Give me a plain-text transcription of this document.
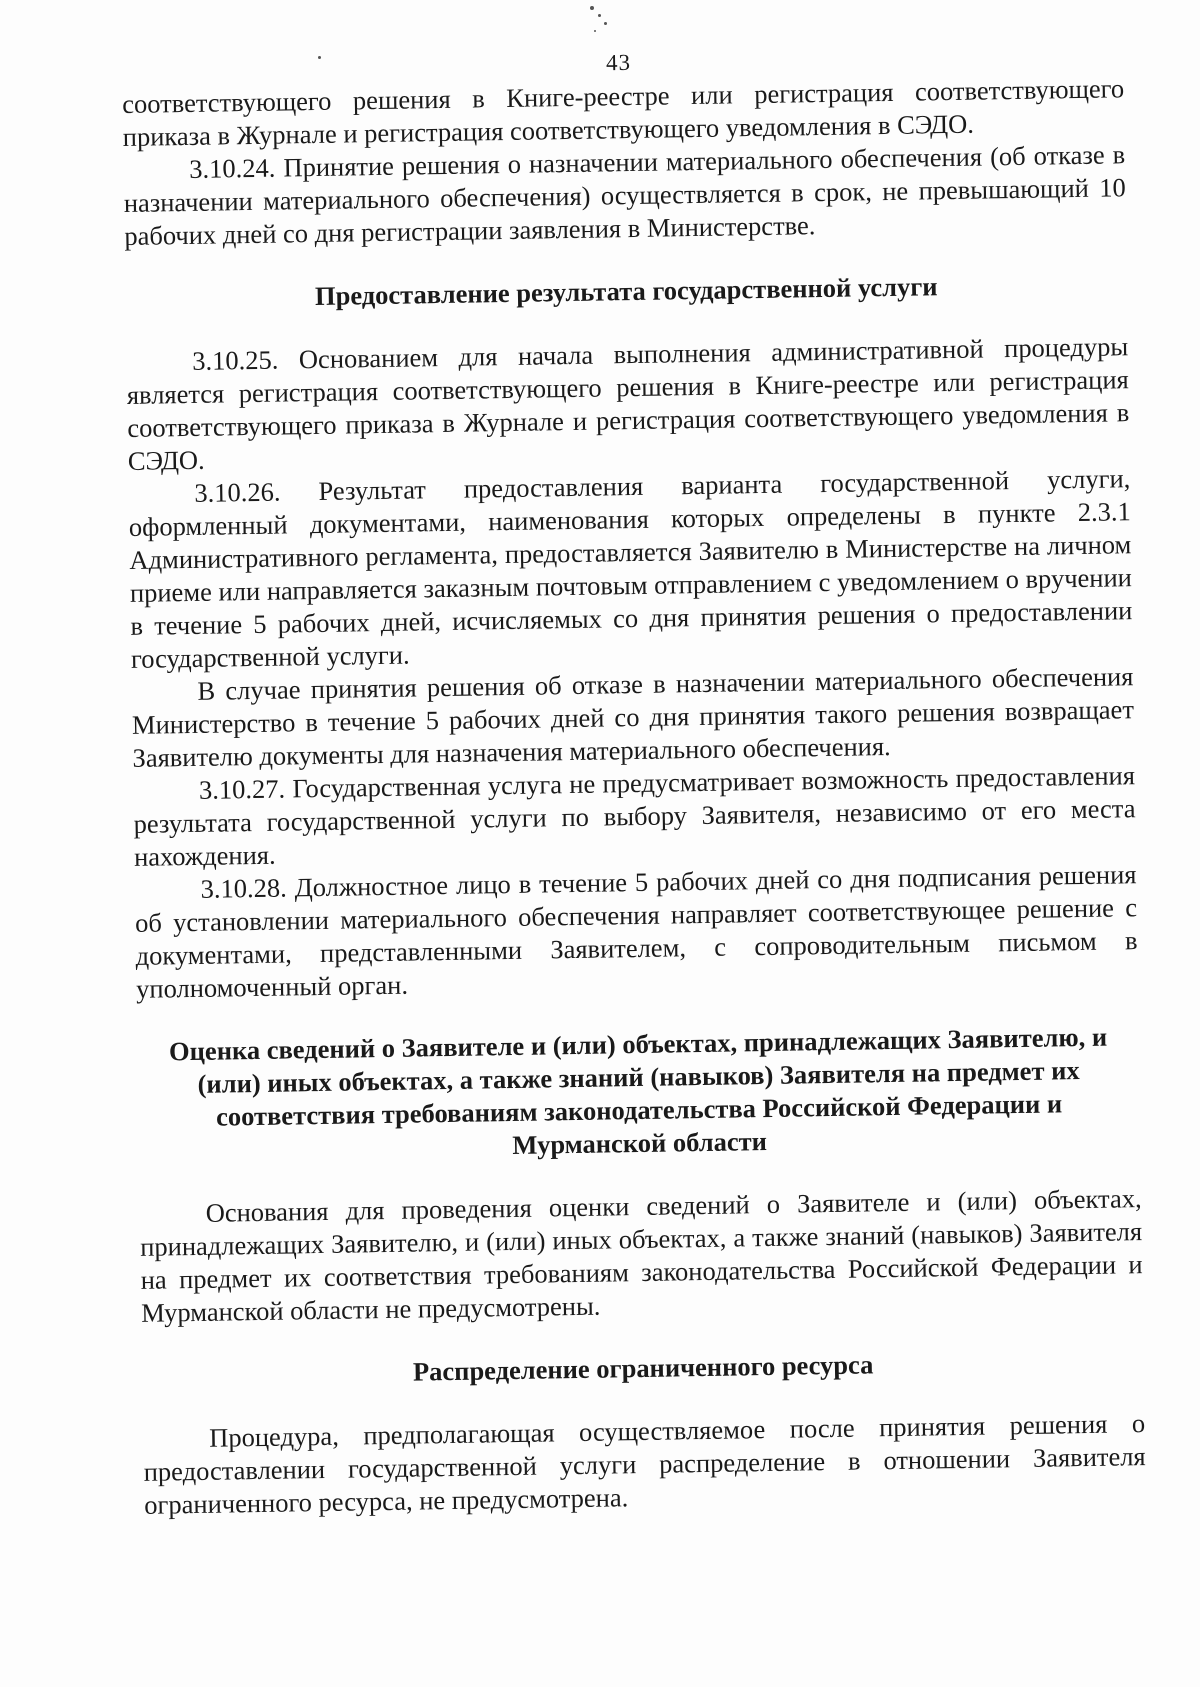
43

соответствующего решения в Книге-реестре или регистрация соответствующего приказа в Журнале и регистрация соответствующего уведомления в СЭДО.

3.10.24. Принятие решения о назначении материального обеспечения (об отказе в назначении материального обеспечения) осуществляется в срок, не превышающий 10 рабочих дней со дня регистрации заявления в Министерстве.

Предоставление результата государственной услуги

3.10.25. Основанием для начала выполнения административной процедуры является регистрация соответствующего решения в Книге-реестре или регистрация соответствующего приказа в Журнале и регистрация соответствующего уведомления в СЭДО.

3.10.26. Результат предоставления варианта государственной услуги, оформленный документами, наименования которых определены в пункте 2.3.1 Административного регламента, предоставляется Заявителю в Министерстве на личном приеме или направляется заказным почтовым отправлением с уведомлением о вручении в течение 5 рабочих дней, исчисляемых со дня принятия решения о предоставлении государственной услуги.

В случае принятия решения об отказе в назначении материального обеспечения Министерство в течение 5 рабочих дней со дня принятия такого решения возвращает Заявителю документы для назначения материального обеспечения.

3.10.27. Государственная услуга не предусматривает возможность предоставления результата государственной услуги по выбору Заявителя, независимо от его места нахождения.

3.10.28. Должностное лицо в течение 5 рабочих дней со дня подписания решения об установлении материального обеспечения направляет соответствующее решение с документами, представленными Заявителем, с сопроводительным письмом в уполномоченный орган.

Оценка сведений о Заявителе и (или) объектах, принадлежащих Заявителю, и (или) иных объектах, а также знаний (навыков) Заявителя на предмет их соответствия требованиям законодательства Российской Федерации и Мурманской области

Основания для проведения оценки сведений о Заявителе и (или) объектах, принадлежащих Заявителю, и (или) иных объектах, а также знаний (навыков) Заявителя на предмет их соответствия требованиям законодательства Российской Федерации и Мурманской области не предусмотрены.

Распределение ограниченного ресурса

Процедура, предполагающая осуществляемое после принятия решения о предоставлении государственной услуги распределение в отношении Заявителя ограниченного ресурса, не предусмотрена.
